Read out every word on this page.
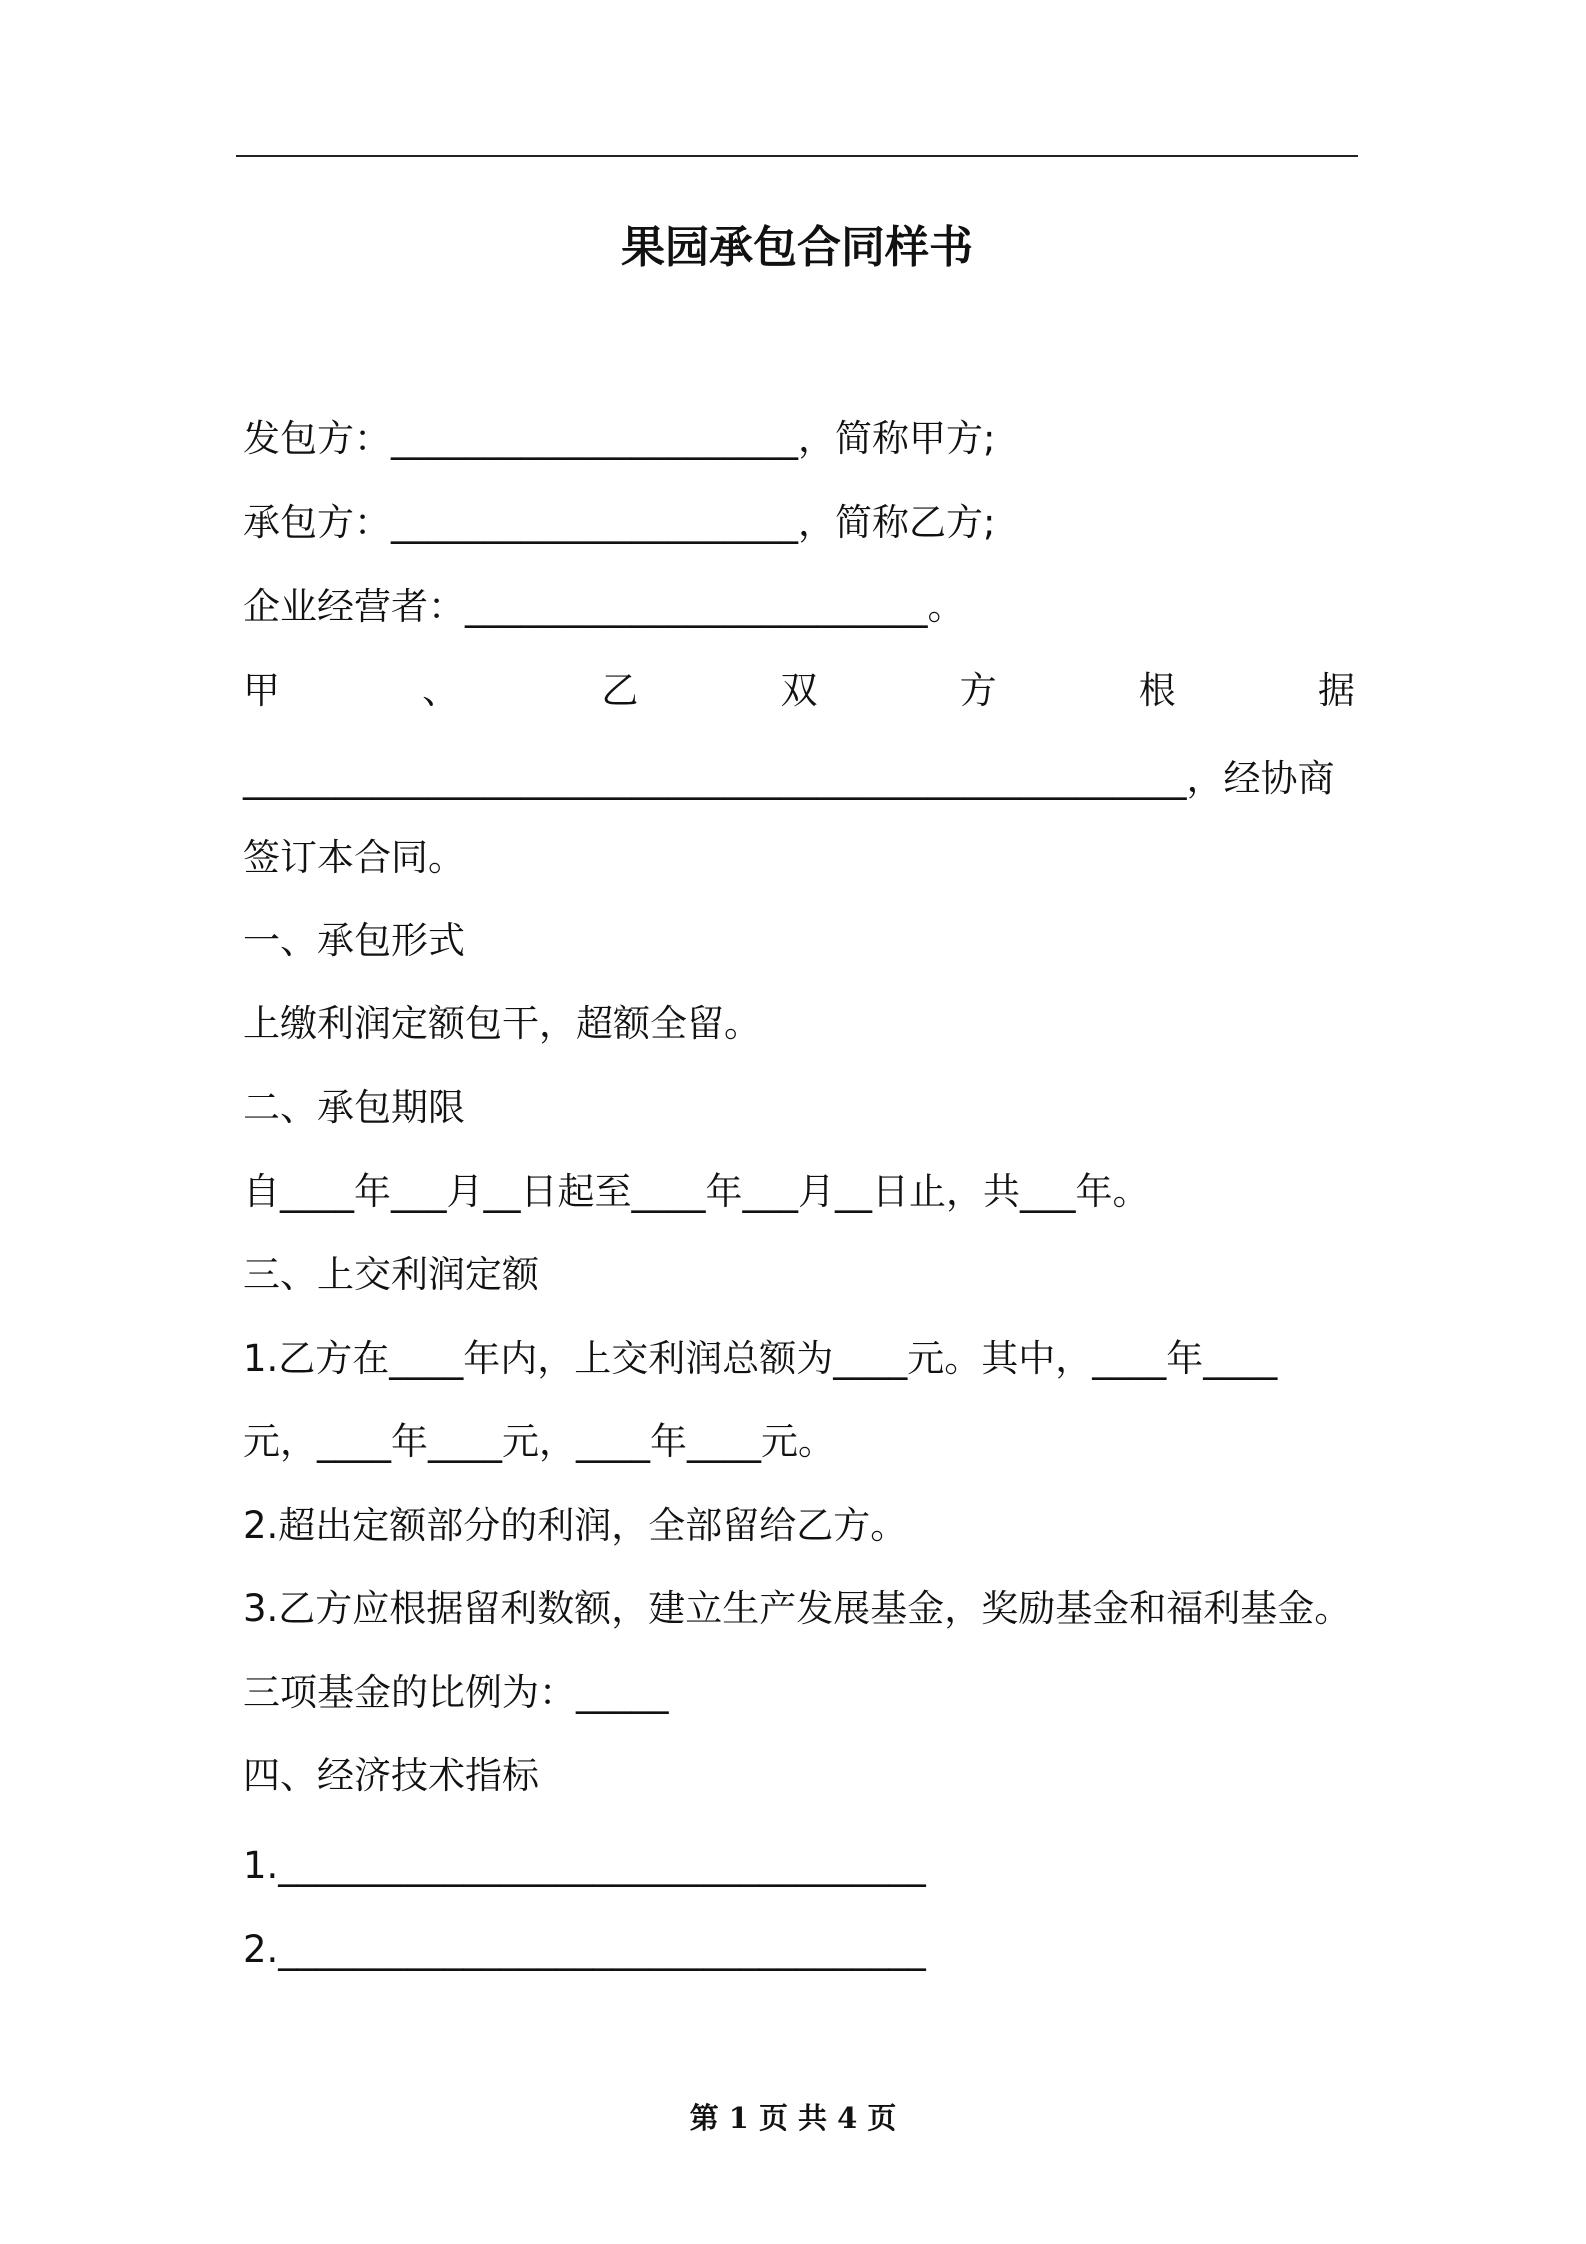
果园承包合同样书
发包方：______________________，简称甲方;
承包方：______________________，简称乙方;
企业经营者：_________________________。
甲	、	乙	双	方	根	据
___________________________________________________，经协商
签订本合同。
一、承包形式
上缴利润定额包干，超额全留。
二、承包期限
自____年___月__日起至____年___月__日止，共___年。
三、上交利润定额
1.乙方在____年内，上交利润总额为____元。其中，____年____
元，____年____元，____年____元。
2.超出定额部分的利润，全部留给乙方。
3.乙方应根据留利数额，建立生产发展基金，奖励基金和福利基金。
三项基金的比例为：_____
四、经济技术指标
1.___________________________________
2.___________________________________
第 1 页 共 4 页
